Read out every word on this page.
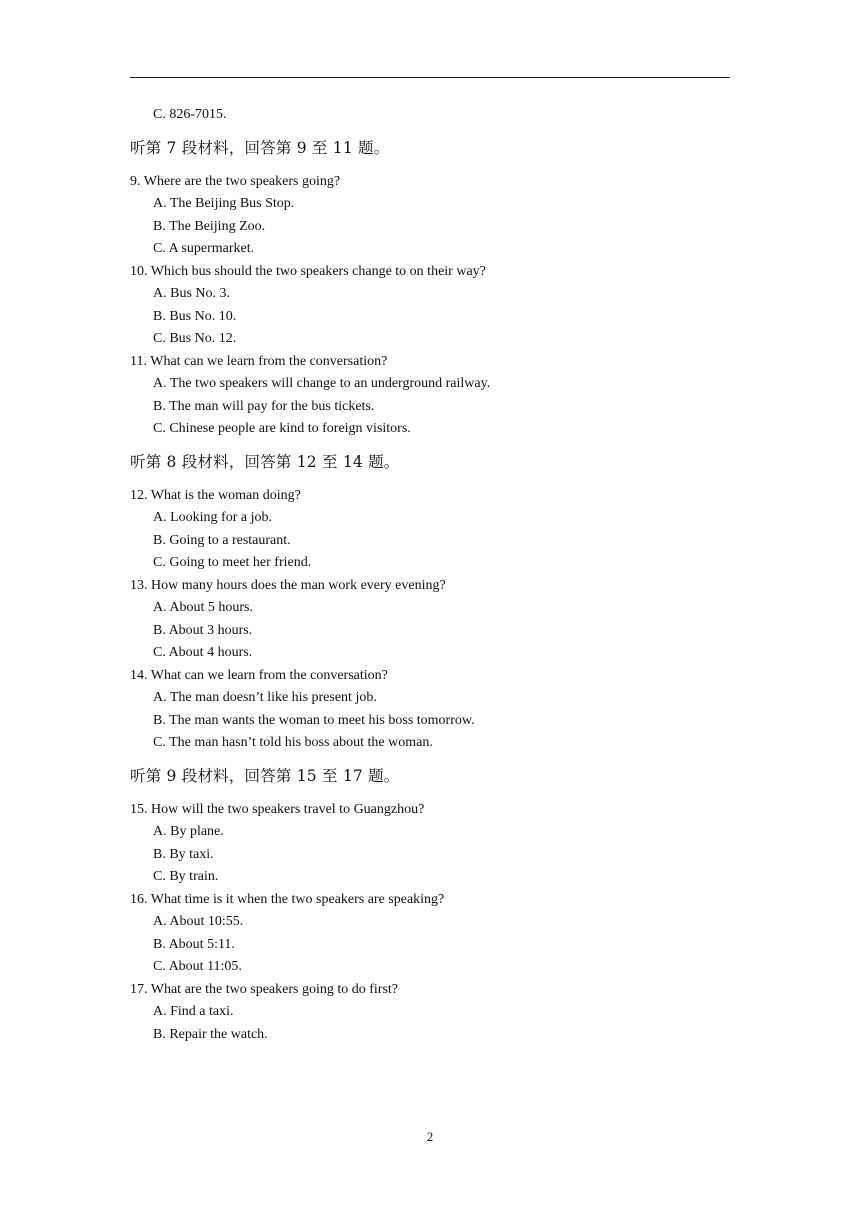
C. 826-7015.
听第 7 段材料，回答第 9 至 11 题。
9. Where are the two speakers going?
A. The Beijing Bus Stop.
B. The Beijing Zoo.
C. A supermarket.
10. Which bus should the two speakers change to on their way?
A. Bus No. 3.
B. Bus No. 10.
C. Bus No. 12.
11. What can we learn from the conversation?
A. The two speakers will change to an underground railway.
B. The man will pay for the bus tickets.
C. Chinese people are kind to foreign visitors.
听第 8 段材料，回答第 12 至 14 题。
12. What is the woman doing?
A. Looking for a job.
B. Going to a restaurant.
C. Going to meet her friend.
13. How many hours does the man work every evening?
A. About 5 hours.
B. About 3 hours.
C. About 4 hours.
14. What can we learn from the conversation?
A. The man doesn’t like his present job.
B. The man wants the woman to meet his boss tomorrow.
C. The man hasn’t told his boss about the woman.
听第 9 段材料，回答第 15 至 17 题。
15. How will the two speakers travel to Guangzhou?
A. By plane.
B. By taxi.
C. By train.
16. What time is it when the two speakers are speaking?
A. About 10:55.
B. About 5:11.
C. About 11:05.
17. What are the two speakers going to do first?
A. Find a taxi.
B. Repair the watch.
2
